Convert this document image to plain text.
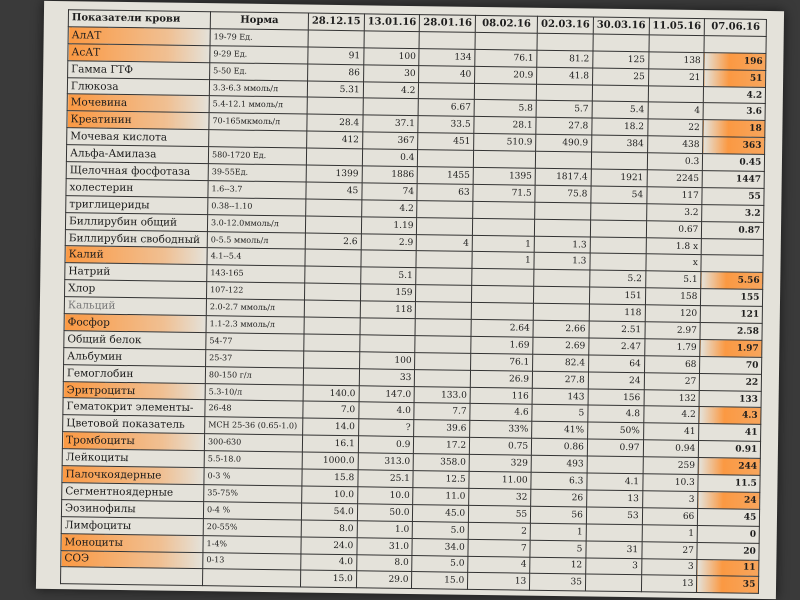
Показатели крови	Норма	28.12.15	13.01.16	28.01.16	08.02.16	02.03.16	30.03.16	11.05.16	07.06.16
АлАТ	19-79 Ед.								
АсАТ	9-29 Ед.	91	100	134	76.1	81.2	125	138	196
Гамма ГТФ	5-50 Ед.	86	30	40	20.9	41.8	25	21	51
Глюкоза	3.3-6.3 ммоль/л	5.31	4.2						4.2
Мочевина	5.4-12.1 ммоль/л			6.67	5.8	5.7	5.4	4	3.6
Креатинин	70-165мкмоль/л	28.4	37.1	33.5	28.1	27.8	18.2	22	18
Мочевая кислота		412	367	451	510.9	490.9	384	438	363
Альфа-Амилаза	580-1720 Ед.		0.4					0.3	0.45
Щелочная фосфотаза	39-55Ед.	1399	1886	1455	1395	1817.4	1921	2245	1447
холестерин	1.6--3.7	45	74	63	71.5	75.8	54	117	55
триглицериды	0.38--1.10		4.2					3.2	3.2
Биллирубин общий	3.0-12.0ммоль/л		1.19					0.67	0.87
Биллирубин свободный	0-5.5 ммоль/л	2.6	2.9	4	1	1.3		1.8 x	
Калий	4.1--5.4				1	1.3		x	
Натрий	143-165		5.1				5.2	5.1	5.56
Хлор	107-122		159				151	158	155
Кальций	2.0-2.7 ммоль/л		118				118	120	121
Фосфор	1.1-2.3 ммоль/л				2.64	2.66	2.51	2.97	2.58
Общий белок	54-77				1.69	2.69	2.47	1.79	1.97
Альбумин	25-37		100		76.1	82.4	64	68	70
Гемоглобин	80-150 г/л		33		26.9	27.8	24	27	22
Эритроциты	5.3-10/л	140.0	147.0	133.0	116	143	156	132	133
Гематокрит элементы-	26-48	7.0	4.0	7.7	4.6	5	4.8	4.2	4.3
Цветовой показатель	MCH 25-36 (0.65-1.0)	14.0	?	39.6	33%	41%	50%	41	41
Тромбоциты	300-630	16.1	0.9	17.2	0.75	0.86	0.97	0.94	0.91
Лейкоциты	5.5-18.0	1000.0	313.0	358.0	329	493		259	244
Палочкоядерные	0-3 %	15.8	25.1	12.5	11.00	6.3	4.1	10.3	11.5
Сегментноядерные	35-75%	10.0	10.0	11.0	32	26	13	3	24
Эозинофилы	0-4 %	54.0	50.0	45.0	55	56	53	66	45
Лимфоциты	20-55%	8.0	1.0	5.0	2	1		1	0
Моноциты	1-4%	24.0	31.0	34.0	7	5	31	27	20
СОЭ	0-13	4.0	8.0	5.0	4	12	3	3	11
		15.0	29.0	15.0	13	35		13	35
